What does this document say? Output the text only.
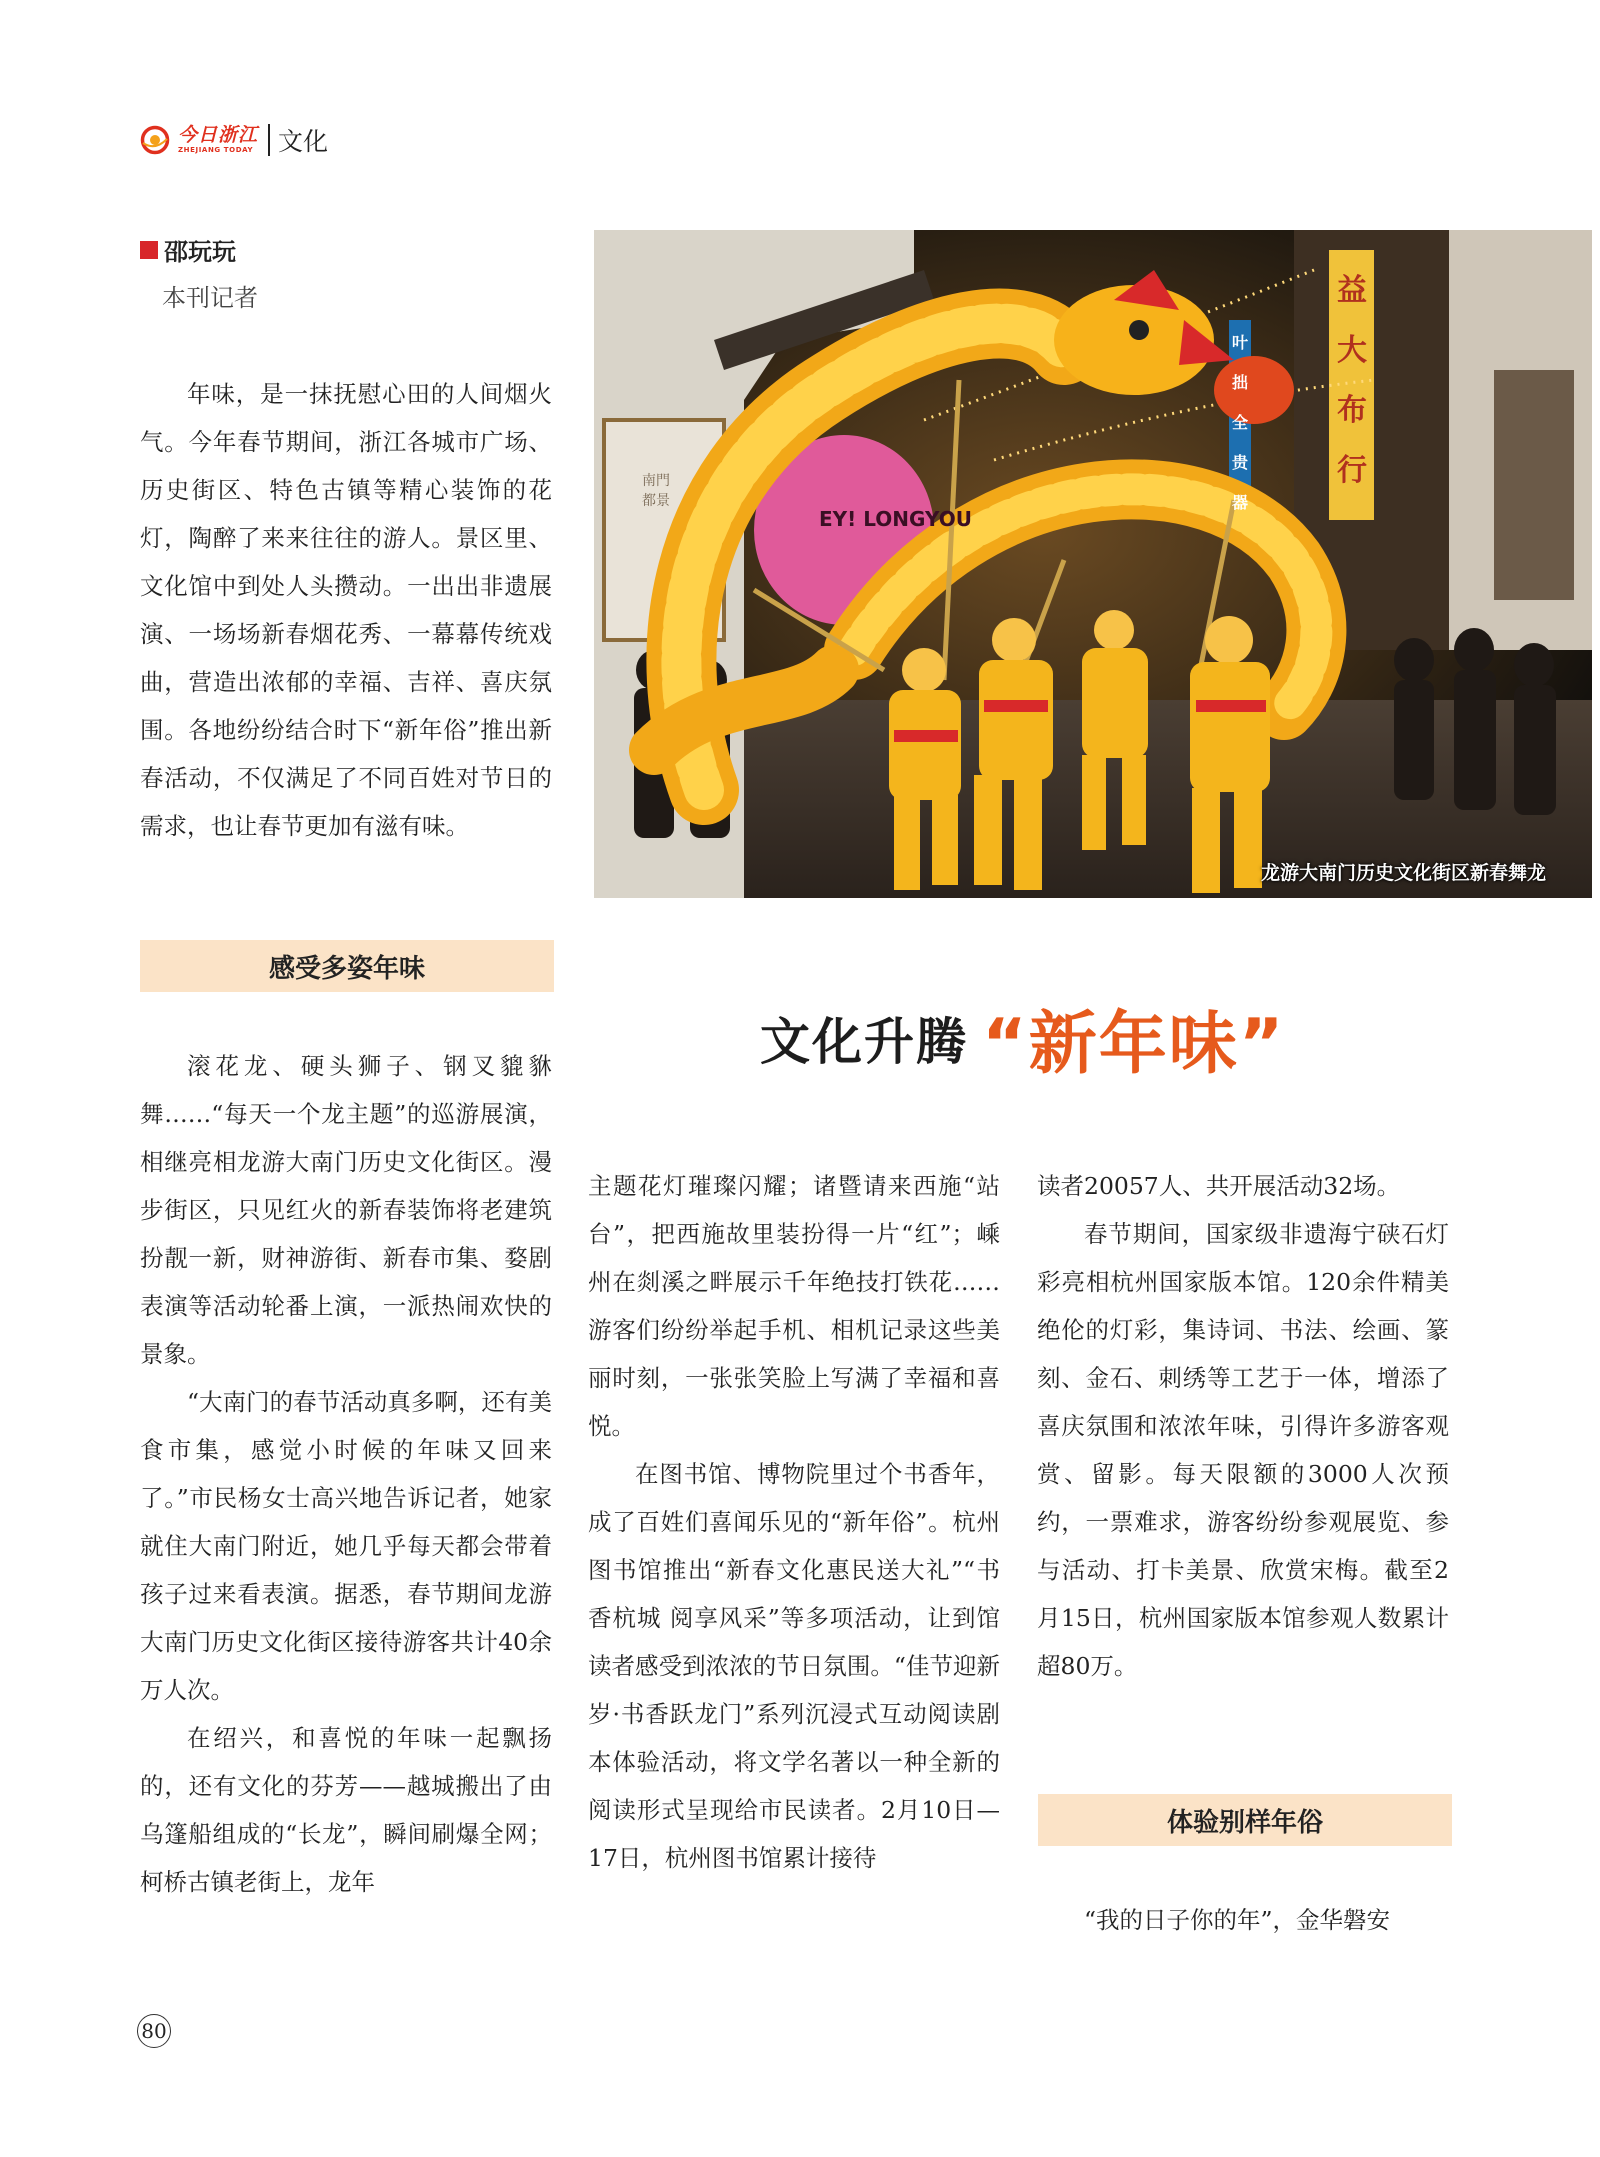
今日浙江
ZHEJIANG TODAY 文化
邵玩玩
本刊记者
EY! LONGYOU
益 大 布 行
叶 拙 全 贵 器
南門 都景
龙游大南门历史文化街区新春舞龙

年味，是一抹抚慰心田的人间烟火气。今年春节期间，浙江各城市广场、历史街区、特色古镇等精心装饰的花灯，陶醉了来来往往的游人。景区里、文化馆中到处人头攒动。一出出非遗展演、一场场新春烟花秀、一幕幕传统戏曲，营造出浓郁的幸福、吉祥、喜庆氛围。各地纷纷结合时下“新年俗”推出新春活动，不仅满足了不同百姓对节日的需求，也让春节更加有滋有味。

感受多姿年味

滚花龙、硬头狮子、钢叉貔貅舞……“每天一个龙主题”的巡游展演，相继亮相龙游大南门历史文化街区。漫步街区，只见红火的新春装饰将老建筑扮靓一新，财神游街、新春市集、婺剧表演等活动轮番上演，一派热闹欢快的景象。

“大南门的春节活动真多啊，还有美食市集，感觉小时候的年味又回来了。”市民杨女士高兴地告诉记者，她家就住大南门附近，她几乎每天都会带着孩子过来看表演。据悉，春节期间龙游大南门历史文化街区接待游客共计40余万人次。

在绍兴，和喜悦的年味一起飘扬的，还有文化的芬芳——越城搬出了由乌篷船组成的“长龙”，瞬间刷爆全网；柯桥古镇老街上，龙年

文化升腾 “新年味”

主题花灯璀璨闪耀；诸暨请来西施“站台”，把西施故里装扮得一片“红”；嵊州在剡溪之畔展示千年绝技打铁花……游客们纷纷举起手机、相机记录这些美丽时刻，一张张笑脸上写满了幸福和喜悦。

在图书馆、博物院里过个书香年，成了百姓们喜闻乐见的“新年俗”。杭州图书馆推出“新春文化惠民送大礼”“书香杭城 阅享风采”等多项活动，让到馆读者感受到浓浓的节日氛围。“佳节迎新岁·书香跃龙门”系列沉浸式互动阅读剧本体验活动，将文学名著以一种全新的阅读形式呈现给市民读者。2月10日—17日，杭州图书馆累计接待

读者20057人、共开展活动32场。

春节期间，国家级非遗海宁硖石灯彩亮相杭州国家版本馆。120余件精美绝伦的灯彩，集诗词、书法、绘画、篆刻、金石、刺绣等工艺于一体，增添了喜庆氛围和浓浓年味，引得许多游客观赏、留影。每天限额的3000人次预约，一票难求，游客纷纷参观展览、参与活动、打卡美景、欣赏宋梅。截至2月15日，杭州国家版本馆参观人数累计超80万。

体验别样年俗

“我的日子你的年”，金华磐安

80
